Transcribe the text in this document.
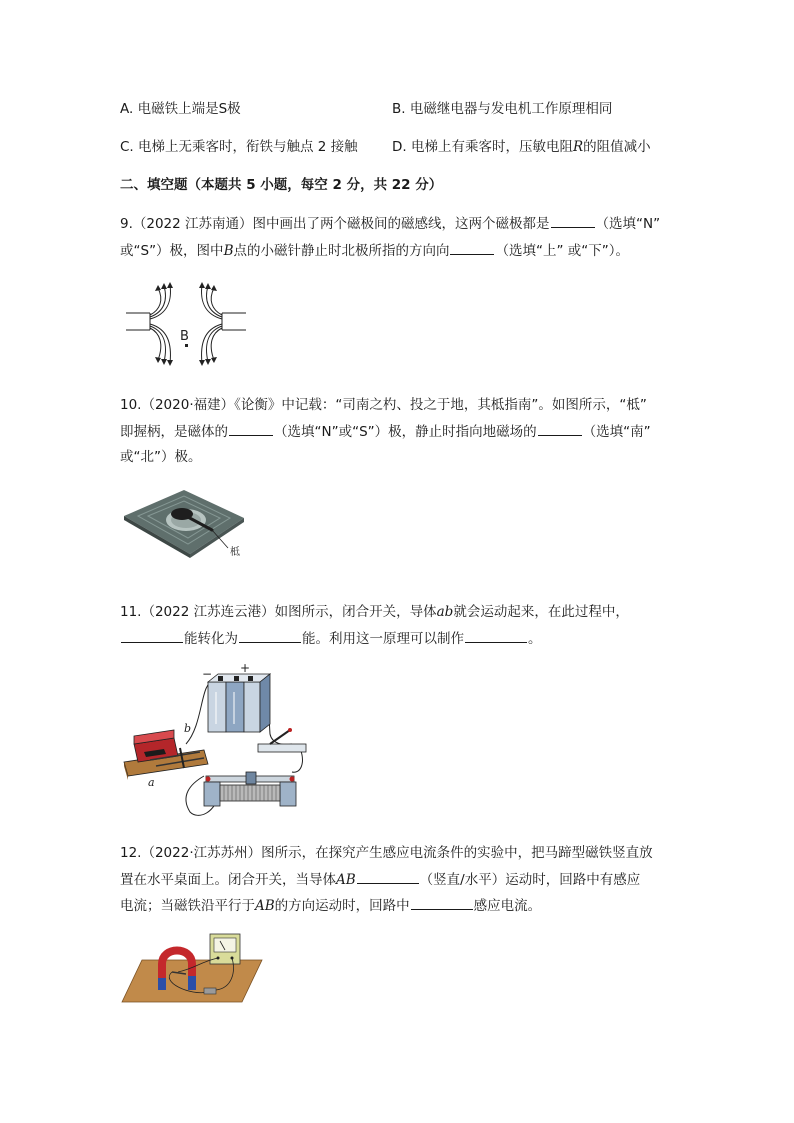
A. 电磁铁上端是S极	B. 电磁继电器与发电机工作原理相同
C. 电梯上无乘客时，衔铁与触点 2 接触	D. 电梯上有乘客时，压敏电阻R的阻值减小
二、填空题（本题共 5 小题，每空 2 分，共 22 分）
9.（2022 江苏南通）图中画出了两个磁极间的磁感线，这两个磁极都是	（选填“N”
或“S”）极，图中B点的小磁针静止时北极所指的方向向	（选填“上” 或“下”）。
B
10.（2020·福建）《论衡》中记载：“司南之杓、投之于地，其柢指南”。如图所示，“柢”
即握柄，是磁体的	（选填“N”或“S”）极，静止时指向地磁场的	（选填“南”
或“北”）极。
柢
11.（2022 江苏连云港）如图所示，闭合开关，导体ab就会运动起来，在此过程中，
能转化为	能。利用这一原理可以制作	。
− +
b
a
12.（2022·江苏苏州）图所示，在探究产生感应电流条件的实验中，把马蹄型磁铁竖直放
置在水平桌面上。闭合开关，当导体AB	（竖直/水平）运动时，回路中有感应
电流；当磁铁沿平行于AB的方向运动时，回路中	感应电流。
